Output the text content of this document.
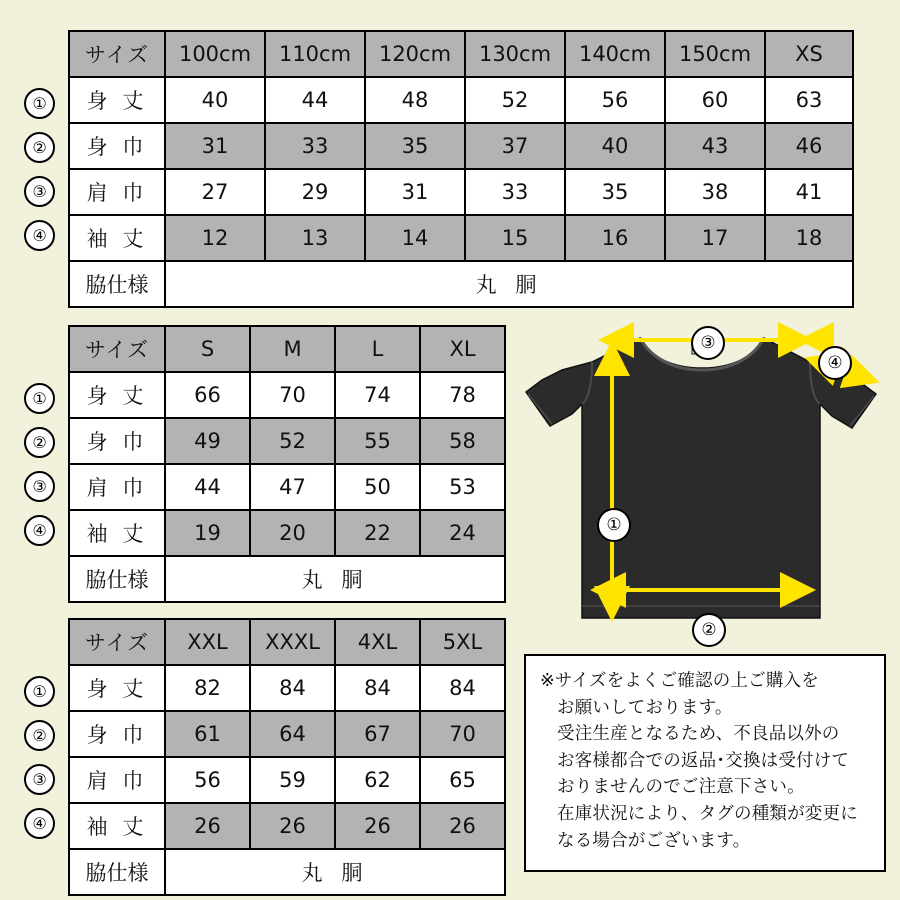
①
②
③
④
サイズ	100cm	110cm	120cm	130cm	140cm	150cm	XS
身 丈	40	44	48	52	56	60	63
身 巾	31	33	35	37	40	43	46
肩 巾	27	29	31	33	35	38	41
袖 丈	12	13	14	15	16	17	18
脇仕様	丸 胴						
①
②
③
④
サイズ	S	M	L	XL
身 丈	66	70	74	78
身 巾	49	52	55	58
肩 巾	44	47	50	53
袖 丈	19	20	22	24
脇仕様	丸 胴			
①
②
③
④
サイズ	XXL	XXXL	4XL	5XL
身 丈	82	84	84	84
身 巾	61	64	67	70
肩 巾	56	59	62	65
袖 丈	26	26	26	26
脇仕様	丸 胴			
③
④
①
②

※サイズをよくご確認の上ご購入を

お願いしております。

受注生産となるため、不良品以外の

お客様都合での返品･交換は受付けて

おりませんのでご注意下さい。

在庫状況により、タグの種類が変更に

なる場合がございます。
